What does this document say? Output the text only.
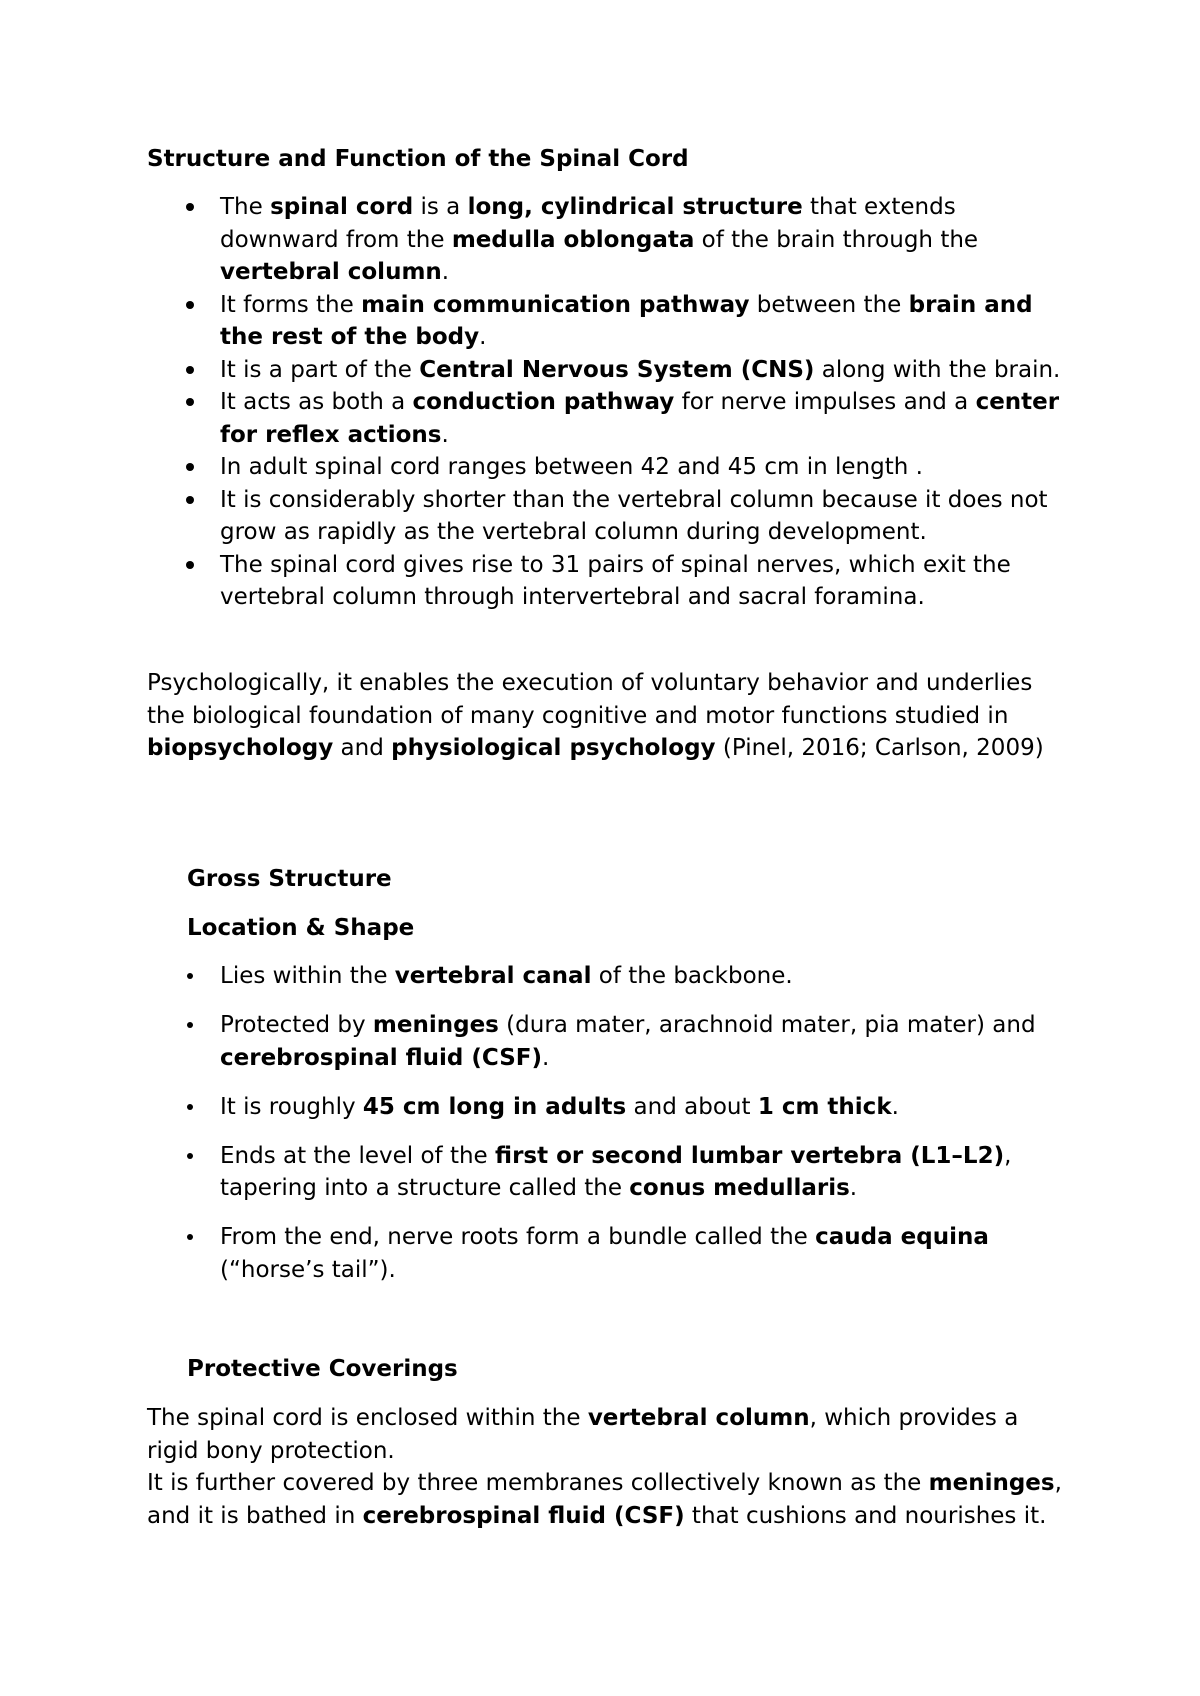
Structure and Function of the Spinal Cord
The spinal cord is a long, cylindrical structure that extends downward from the medulla oblongata of the brain through the vertebral column.
It forms the main communication pathway between the brain and the rest of the body.
It is a part of the Central Nervous System (CNS) along with the brain.
It acts as both a conduction pathway for nerve impulses and a center for reflex actions.
In adult spinal cord ranges between 42 and 45 cm in length .
It is considerably shorter than the vertebral column because it does not grow as rapidly as the vertebral column during development.
The spinal cord gives rise to 31 pairs of spinal nerves, which exit the vertebral column through intervertebral and sacral foramina.

Psychologically, it enables the execution of voluntary behavior and underlies the biological foundation of many cognitive and motor functions studied in biopsychology and physiological psychology (Pinel, 2016; Carlson, 2009)

Gross Structure
Location & Shape
Lies within the vertebral canal of the backbone.
Protected by meninges (dura mater, arachnoid mater, pia mater) and cerebrospinal fluid (CSF).
It is roughly 45 cm long in adults and about 1 cm thick.
Ends at the level of the first or second lumbar vertebra (L1–L2), tapering into a structure called the conus medullaris.
From the end, nerve roots form a bundle called the cauda equina (“horse’s tail”).
Protective Coverings

The spinal cord is enclosed within the vertebral column, which provides a rigid bony protection.

It is further covered by three membranes collectively known as the meninges, and it is bathed in cerebrospinal fluid (CSF) that cushions and nourishes it.
